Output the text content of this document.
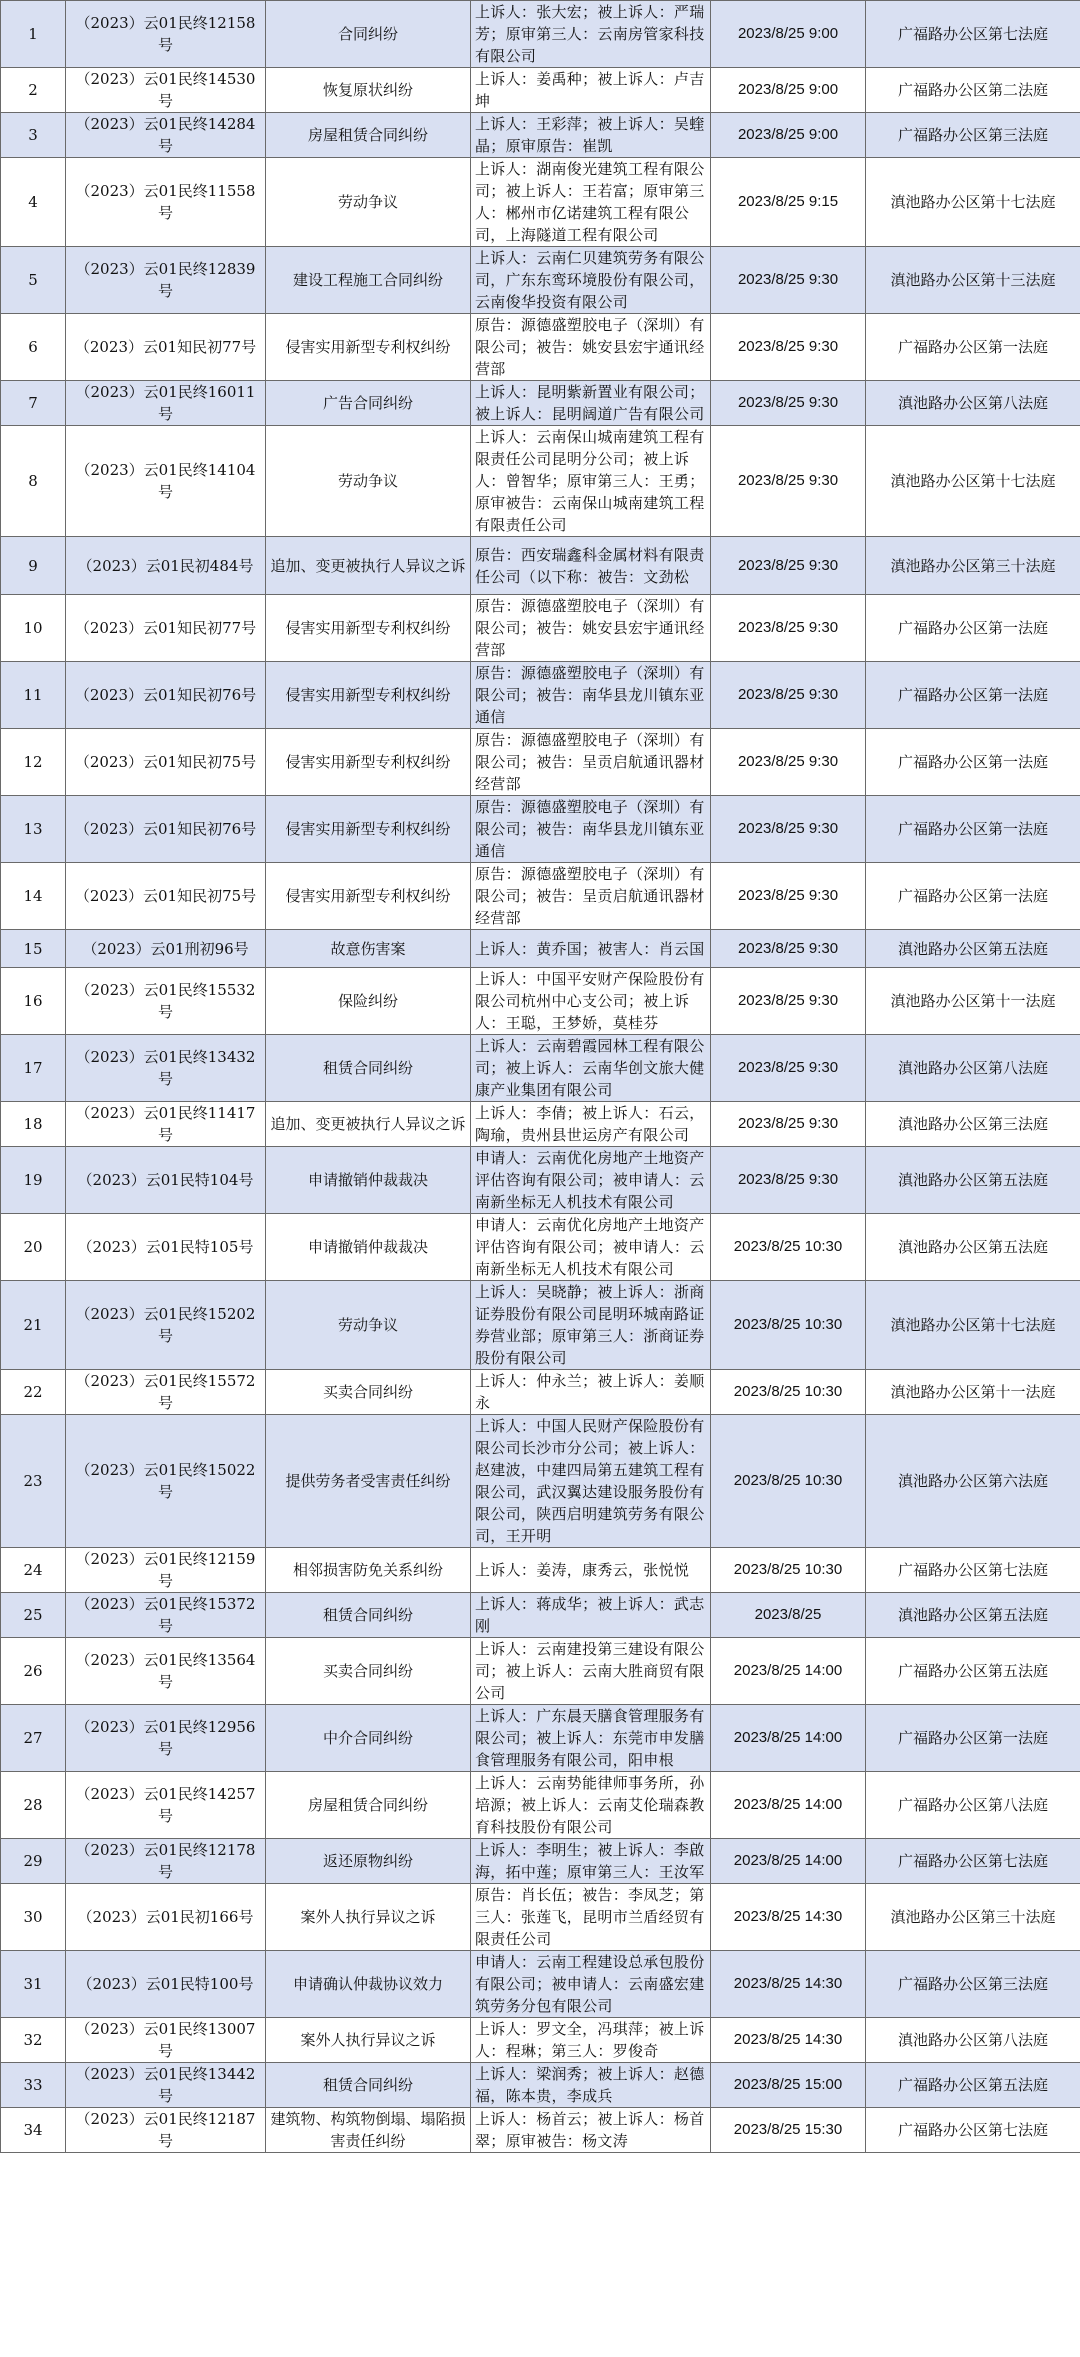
1	（2023）云01民终12158号	合同纠纷	上诉人：张大宏；被上诉人：严瑞芳；原审第三人：云南房管家科技有限公司	2023/8/25 9:00	广福路办公区第七法庭
2	（2023）云01民终14530号	恢复原状纠纷	上诉人：姜禹种；被上诉人：卢吉坤	2023/8/25 9:00	广福路办公区第二法庭
3	（2023）云01民终14284号	房屋租赁合同纠纷	上诉人：王彩萍；被上诉人：吴蝰晶；原审原告：崔凯	2023/8/25 9:00	广福路办公区第三法庭
4	（2023）云01民终11558号	劳动争议	上诉人：湖南俊光建筑工程有限公司；被上诉人：王若富；原审第三人：郴州市亿诺建筑工程有限公司，上海隧道工程有限公司	2023/8/25 9:15	滇池路办公区第十七法庭
5	（2023）云01民终12839号	建设工程施工合同纠纷	上诉人：云南仁贝建筑劳务有限公司，广东东鸾环境股份有限公司，云南俊华投资有限公司	2023/8/25 9:30	滇池路办公区第十三法庭
6	（2023）云01知民初77号	侵害实用新型专利权纠纷	原告：源德盛塑胶电子（深圳）有限公司；被告：姚安县宏宇通讯经营部	2023/8/25 9:30	广福路办公区第一法庭
7	（2023）云01民终16011号	广告合同纠纷	上诉人：昆明紫新置业有限公司；被上诉人：昆明阔道广告有限公司	2023/8/25 9:30	滇池路办公区第八法庭
8	（2023）云01民终14104号	劳动争议	上诉人：云南保山城南建筑工程有限责任公司昆明分公司；被上诉人：曾智华；原审第三人：王勇；原审被告：云南保山城南建筑工程有限责任公司	2023/8/25 9:30	滇池路办公区第十七法庭
9	（2023）云01民初484号	追加、变更被执行人异议之诉	原告：西安瑞鑫科金属材料有限责任公司（以下称：被告：文劲松	2023/8/25 9:30	滇池路办公区第三十法庭
10	（2023）云01知民初77号	侵害实用新型专利权纠纷	原告：源德盛塑胶电子（深圳）有限公司；被告：姚安县宏宇通讯经营部	2023/8/25 9:30	广福路办公区第一法庭
11	（2023）云01知民初76号	侵害实用新型专利权纠纷	原告：源德盛塑胶电子（深圳）有限公司；被告：南华县龙川镇东亚通信	2023/8/25 9:30	广福路办公区第一法庭
12	（2023）云01知民初75号	侵害实用新型专利权纠纷	原告：源德盛塑胶电子（深圳）有限公司；被告：呈贡启航通讯器材经营部	2023/8/25 9:30	广福路办公区第一法庭
13	（2023）云01知民初76号	侵害实用新型专利权纠纷	原告：源德盛塑胶电子（深圳）有限公司；被告：南华县龙川镇东亚通信	2023/8/25 9:30	广福路办公区第一法庭
14	（2023）云01知民初75号	侵害实用新型专利权纠纷	原告：源德盛塑胶电子（深圳）有限公司；被告：呈贡启航通讯器材经营部	2023/8/25 9:30	广福路办公区第一法庭
15	（2023）云01刑初96号	故意伤害案	上诉人：黄乔国；被害人：肖云国	2023/8/25 9:30	滇池路办公区第五法庭
16	（2023）云01民终15532号	保险纠纷	上诉人：中国平安财产保险股份有限公司杭州中心支公司；被上诉人：王聪，王梦娇，莫桂芬	2023/8/25 9:30	滇池路办公区第十一法庭
17	（2023）云01民终13432号	租赁合同纠纷	上诉人：云南碧霞园林工程有限公司；被上诉人：云南华创文旅大健康产业集团有限公司	2023/8/25 9:30	滇池路办公区第八法庭
18	（2023）云01民终11417号	追加、变更被执行人异议之诉	上诉人：李倩；被上诉人：石云，陶瑜，贵州县世运房产有限公司	2023/8/25 9:30	滇池路办公区第三法庭
19	（2023）云01民特104号	申请撤销仲裁裁决	申请人：云南优化房地产土地资产评估咨询有限公司；被申请人：云南新坐标无人机技术有限公司	2023/8/25 9:30	滇池路办公区第五法庭
20	（2023）云01民特105号	申请撤销仲裁裁决	申请人：云南优化房地产土地资产评估咨询有限公司；被申请人：云南新坐标无人机技术有限公司	2023/8/25 10:30	滇池路办公区第五法庭
21	（2023）云01民终15202号	劳动争议	上诉人：吴晓静；被上诉人：浙商证券股份有限公司昆明环城南路证券营业部；原审第三人：浙商证券股份有限公司	2023/8/25 10:30	滇池路办公区第十七法庭
22	（2023）云01民终15572号	买卖合同纠纷	上诉人：仲永兰；被上诉人：姜顺永	2023/8/25 10:30	滇池路办公区第十一法庭
23	（2023）云01民终15022号	提供劳务者受害责任纠纷	上诉人：中国人民财产保险股份有限公司长沙市分公司；被上诉人：赵建波，中建四局第五建筑工程有限公司，武汉翼达建设服务股份有限公司，陕西启明建筑劳务有限公司，王开明	2023/8/25 10:30	滇池路办公区第六法庭
24	（2023）云01民终12159号	相邻损害防免关系纠纷	上诉人：姜涛，康秀云，张悦悦	2023/8/25 10:30	广福路办公区第七法庭
25	（2023）云01民终15372号	租赁合同纠纷	上诉人：蒋成华；被上诉人：武志刚	2023/8/25	滇池路办公区第五法庭
26	（2023）云01民终13564号	买卖合同纠纷	上诉人：云南建投第三建设有限公司；被上诉人：云南大胜商贸有限公司	2023/8/25 14:00	广福路办公区第五法庭
27	（2023）云01民终12956号	中介合同纠纷	上诉人：广东晨天膳食管理服务有限公司；被上诉人：东莞市申发膳食管理服务有限公司，阳申根	2023/8/25 14:00	广福路办公区第一法庭
28	（2023）云01民终14257号	房屋租赁合同纠纷	上诉人：云南势能律师事务所，孙培源；被上诉人：云南艾伦瑞森教育科技股份有限公司	2023/8/25 14:00	广福路办公区第八法庭
29	（2023）云01民终12178号	返还原物纠纷	上诉人：李明生；被上诉人：李啟海，拓中莲；原审第三人：王汝军	2023/8/25 14:00	广福路办公区第七法庭
30	（2023）云01民初166号	案外人执行异议之诉	原告：肖长伍；被告：李凤芝；第三人：张莲飞，昆明市兰盾经贸有限责任公司	2023/8/25 14:30	滇池路办公区第三十法庭
31	（2023）云01民特100号	申请确认仲裁协议效力	申请人：云南工程建设总承包股份有限公司；被申请人：云南盛宏建筑劳务分包有限公司	2023/8/25 14:30	广福路办公区第三法庭
32	（2023）云01民终13007号	案外人执行异议之诉	上诉人：罗文全，冯琪萍；被上诉人：程琳；第三人：罗俊奇	2023/8/25 14:30	滇池路办公区第八法庭
33	（2023）云01民终13442号	租赁合同纠纷	上诉人：梁润秀；被上诉人：赵德福，陈本贵，李成兵	2023/8/25 15:00	广福路办公区第五法庭
34	（2023）云01民终12187号	建筑物、构筑物倒塌、塌陷损害责任纠纷	上诉人：杨首云；被上诉人：杨首翠；原审被告：杨文涛	2023/8/25 15:30	广福路办公区第七法庭
